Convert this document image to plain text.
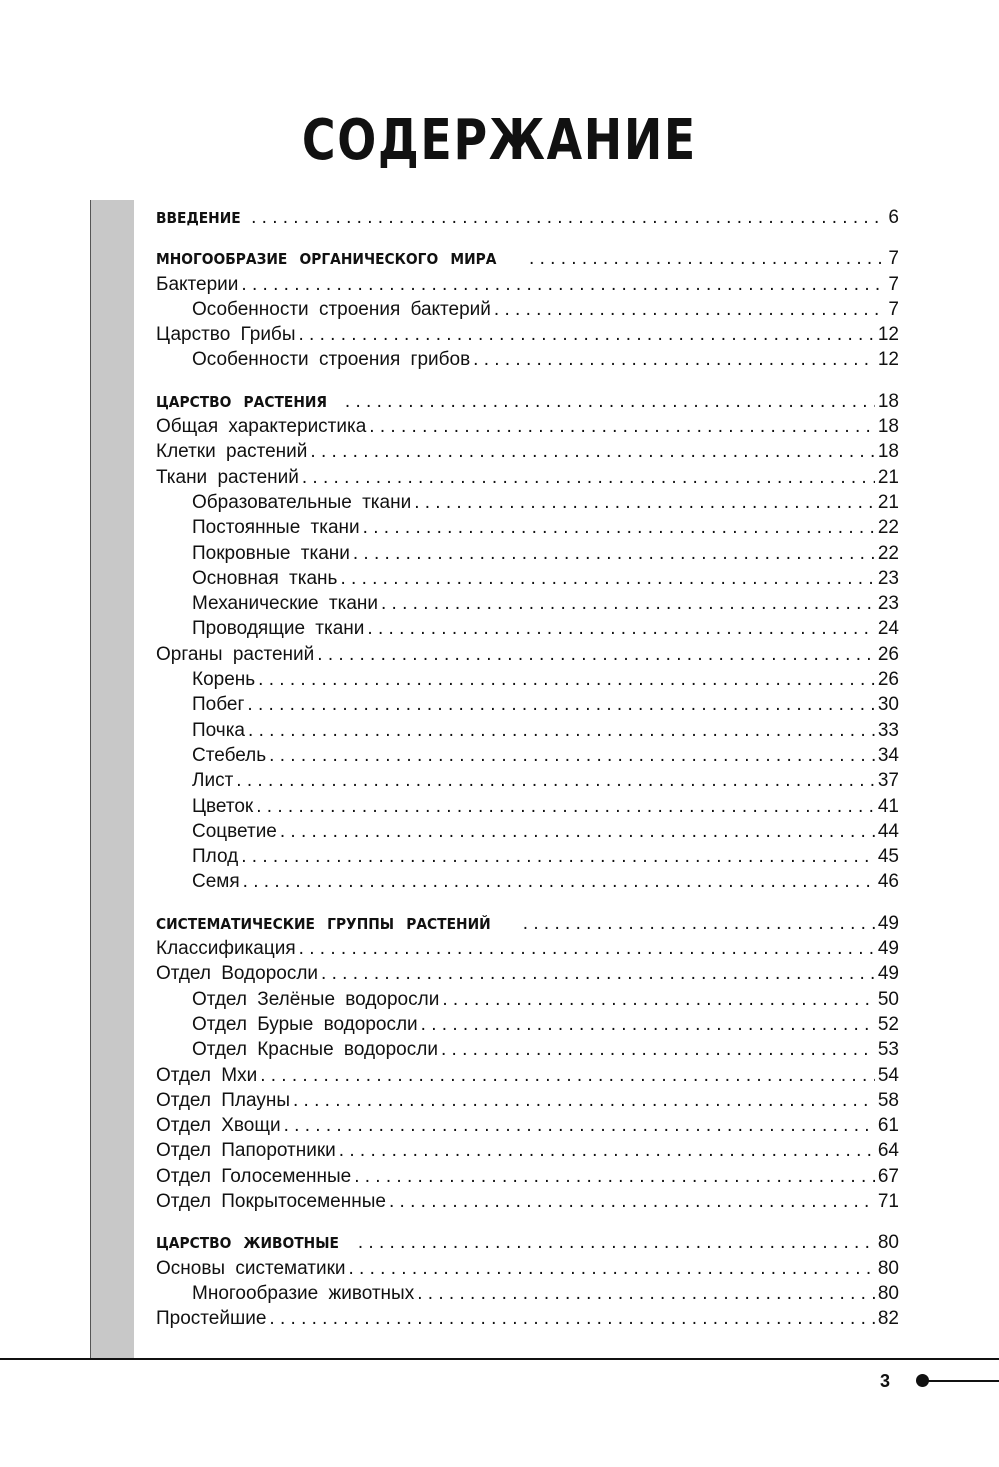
СОДЕРЖАНИЕ
ВВЕДЕНИЕ . . .	6
МНОГООБРАЗИЕ ОРГАНИЧЕСКОГО МИРА . . .	7
Бактерии . . .	7
Особенности строения бактерий . . .	7
Царство Грибы . . .	12
Особенности строения грибов . . .	12
ЦАРСТВО РАСТЕНИЯ . . .	18
Общая характеристика . . .	18
Клетки растений . . .	18
Ткани растений . . .	21
Образовательные ткани . . .	21
Постоянные ткани . . .	22
Покровные ткани . . .	22
Основная ткань . . .	23
Механические ткани . . .	23
Проводящие ткани . . .	24
Органы растений . . .	26
Корень . . .	26
Побег . . .	30
Почка . . .	33
Стебель . . .	34
Лист . . .	37
Цветок . . .	41
Соцветие . . .	44
Плод . . .	45
Семя . . .	46
СИСТЕМАТИЧЕСКИЕ ГРУППЫ РАСТЕНИЙ . . .	49
Классификация . . .	49
Отдел Водоросли . . .	49
Отдел Зелёные водоросли . . .	50
Отдел Бурые водоросли . . .	52
Отдел Красные водоросли . . .	53
Отдел Мхи . . .	54
Отдел Плауны . . .	58
Отдел Хвощи . . .	61
Отдел Папоротники . . .	64
Отдел Голосеменные . . .	67
Отдел Покрытосеменные . . .	71
ЦАРСТВО ЖИВОТНЫЕ . . .	80
Основы систематики . . .	80
Многообразие животных . . .	80
Простейшие . . .	82
3
